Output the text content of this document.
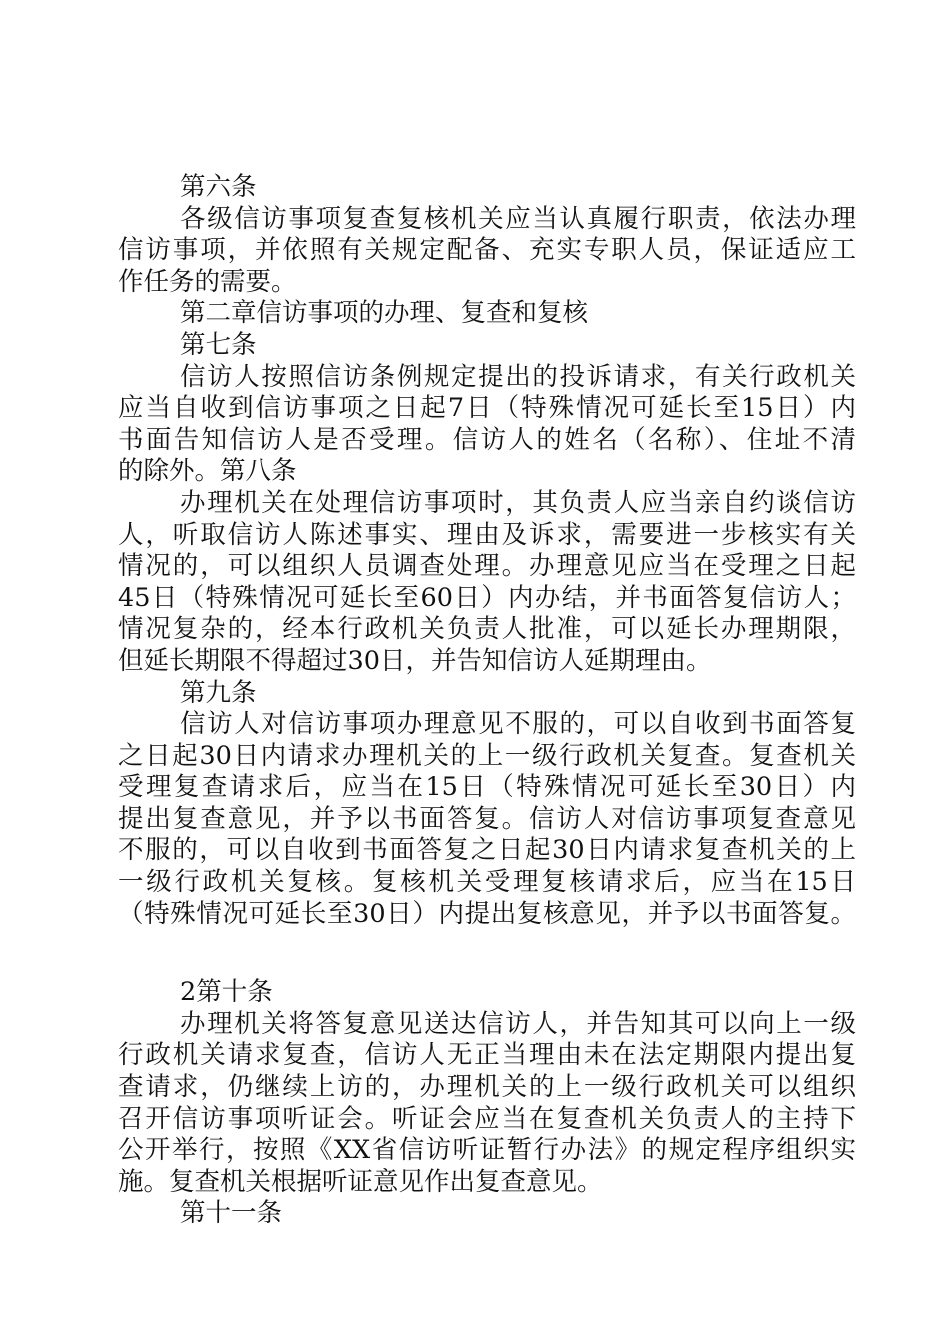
第六条
各级信访事项复查复核机关应当认真履行职责，依法办理
信访事项，并依照有关规定配备、充实专职人员，保证适应工
作任务的需要。
第二章信访事项的办理、复查和复核
第七条
信访人按照信访条例规定提出的投诉请求，有关行政机关
应当自收到信访事项之日起7日（特殊情况可延长至15日）内
书面告知信访人是否受理。信访人的姓名（名称）、住址不清
的除外。第八条
办理机关在处理信访事项时，其负责人应当亲自约谈信访
人，听取信访人陈述事实、理由及诉求，需要进一步核实有关
情况的，可以组织人员调查处理。办理意见应当在受理之日起
45日（特殊情况可延长至60日）内办结，并书面答复信访人；
情况复杂的，经本行政机关负责人批准，可以延长办理期限，
但延长期限不得超过30日，并告知信访人延期理由。
第九条
信访人对信访事项办理意见不服的，可以自收到书面答复
之日起30日内请求办理机关的上一级行政机关复查。复查机关
受理复查请求后，应当在15日（特殊情况可延长至30日）内
提出复查意见，并予以书面答复。信访人对信访事项复查意见
不服的，可以自收到书面答复之日起30日内请求复查机关的上
一级行政机关复核。复核机关受理复核请求后，应当在15日
（特殊情况可延长至30日）内提出复核意见，并予以书面答复。
2第十条
办理机关将答复意见送达信访人，并告知其可以向上一级
行政机关请求复查，信访人无正当理由未在法定期限内提出复
查请求，仍继续上访的，办理机关的上一级行政机关可以组织
召开信访事项听证会。听证会应当在复查机关负责人的主持下
公开举行，按照《XX省信访听证暂行办法》的规定程序组织实
施。复查机关根据听证意见作出复查意见。
第十一条
